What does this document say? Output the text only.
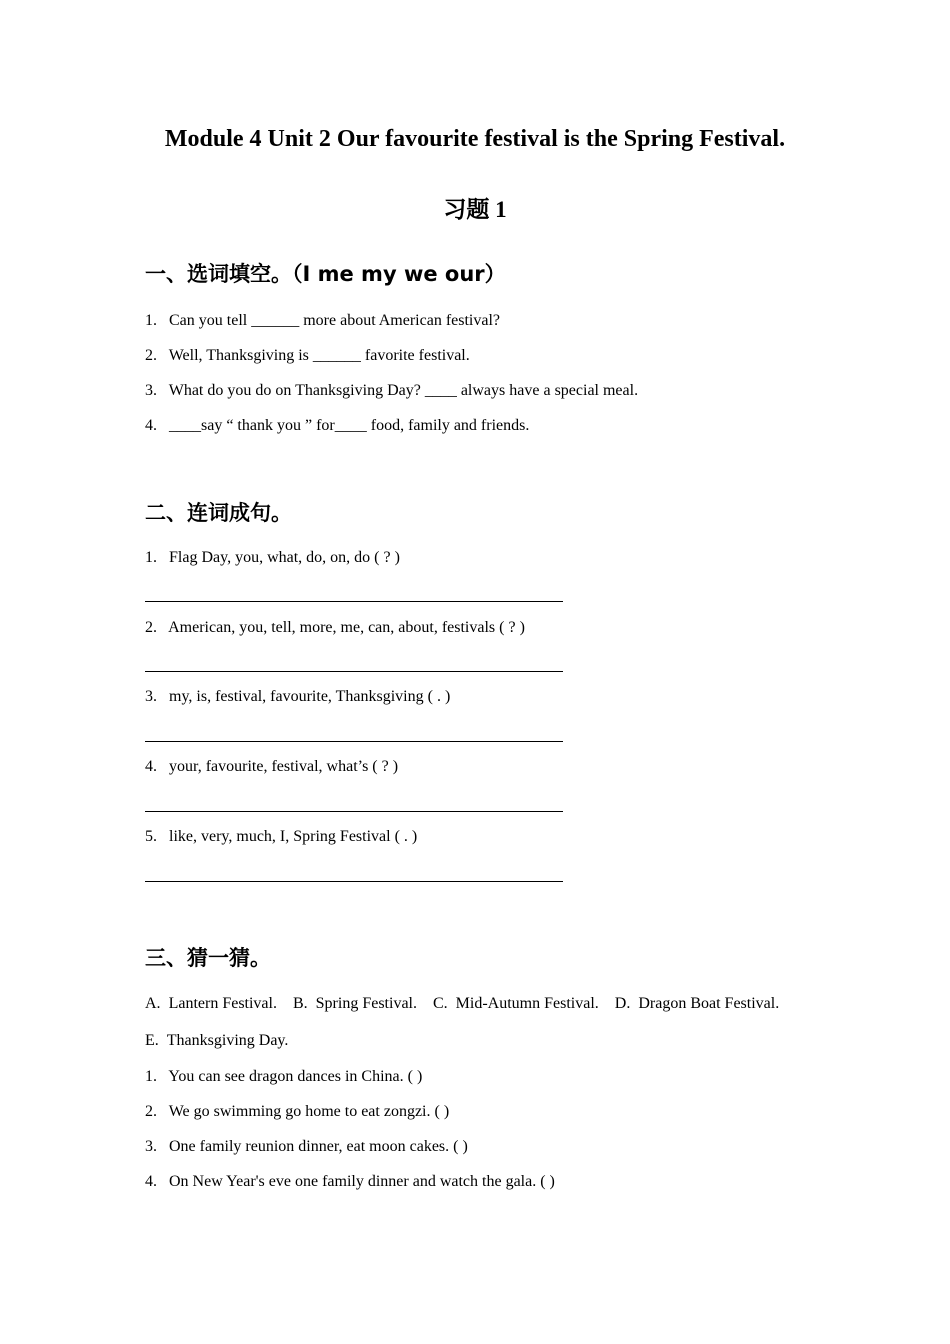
Module 4 Unit 2 Our favourite festival is the Spring Festival.
习题 1
一、选词填空。（I me my we our）
1. Can you tell ______ more about American festival?
2. Well, Thanksgiving is ______ favorite festival.
3. What do you do on Thanksgiving Day? ____ always have a special meal.
4. ____say “ thank you ” for____ food, family and friends.
二、连词成句。
1. Flag Day, you, what, do, on, do ( ? )
2. American, you, tell, more, me, can, about, festivals ( ? )
3. my, is, festival, favourite, Thanksgiving ( . )
4. your, favourite, festival, what’s ( ? )
5. like, very, much, I, Spring Festival ( . )
三、猜一猜。
A. Lantern Festival. B. Spring Festival. C. Mid-Autumn Festival. D. Dragon Boat Festival.
E. Thanksgiving Day.
1. You can see dragon dances in China. ( )
2. We go swimming go home to eat zongzi. ( )
3. One family reunion dinner, eat moon cakes. ( )
4. On New Year's eve one family dinner and watch the gala. ( )
